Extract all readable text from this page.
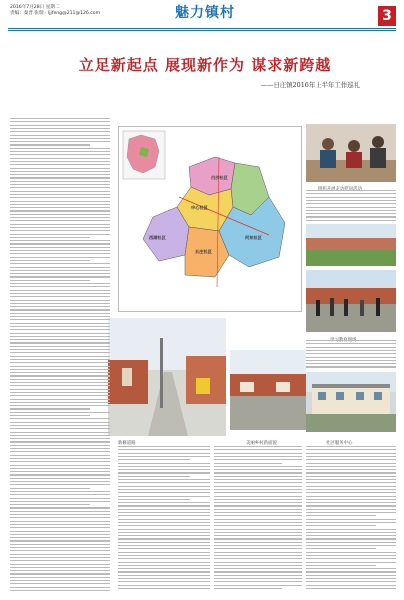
2016年7月28日 星期二
责编：秦晋 张瑞 · ljjfeng@211@126.com	魅力镇村	3
立足新起点 展现新作为 谋求新跨越
——日庄镇2016年上半年工作巡礼
白沙社区
中心社区
河东社区
西湖社区
五庄社区
新修道路	美丽乡村新面貌	社区服务中心
